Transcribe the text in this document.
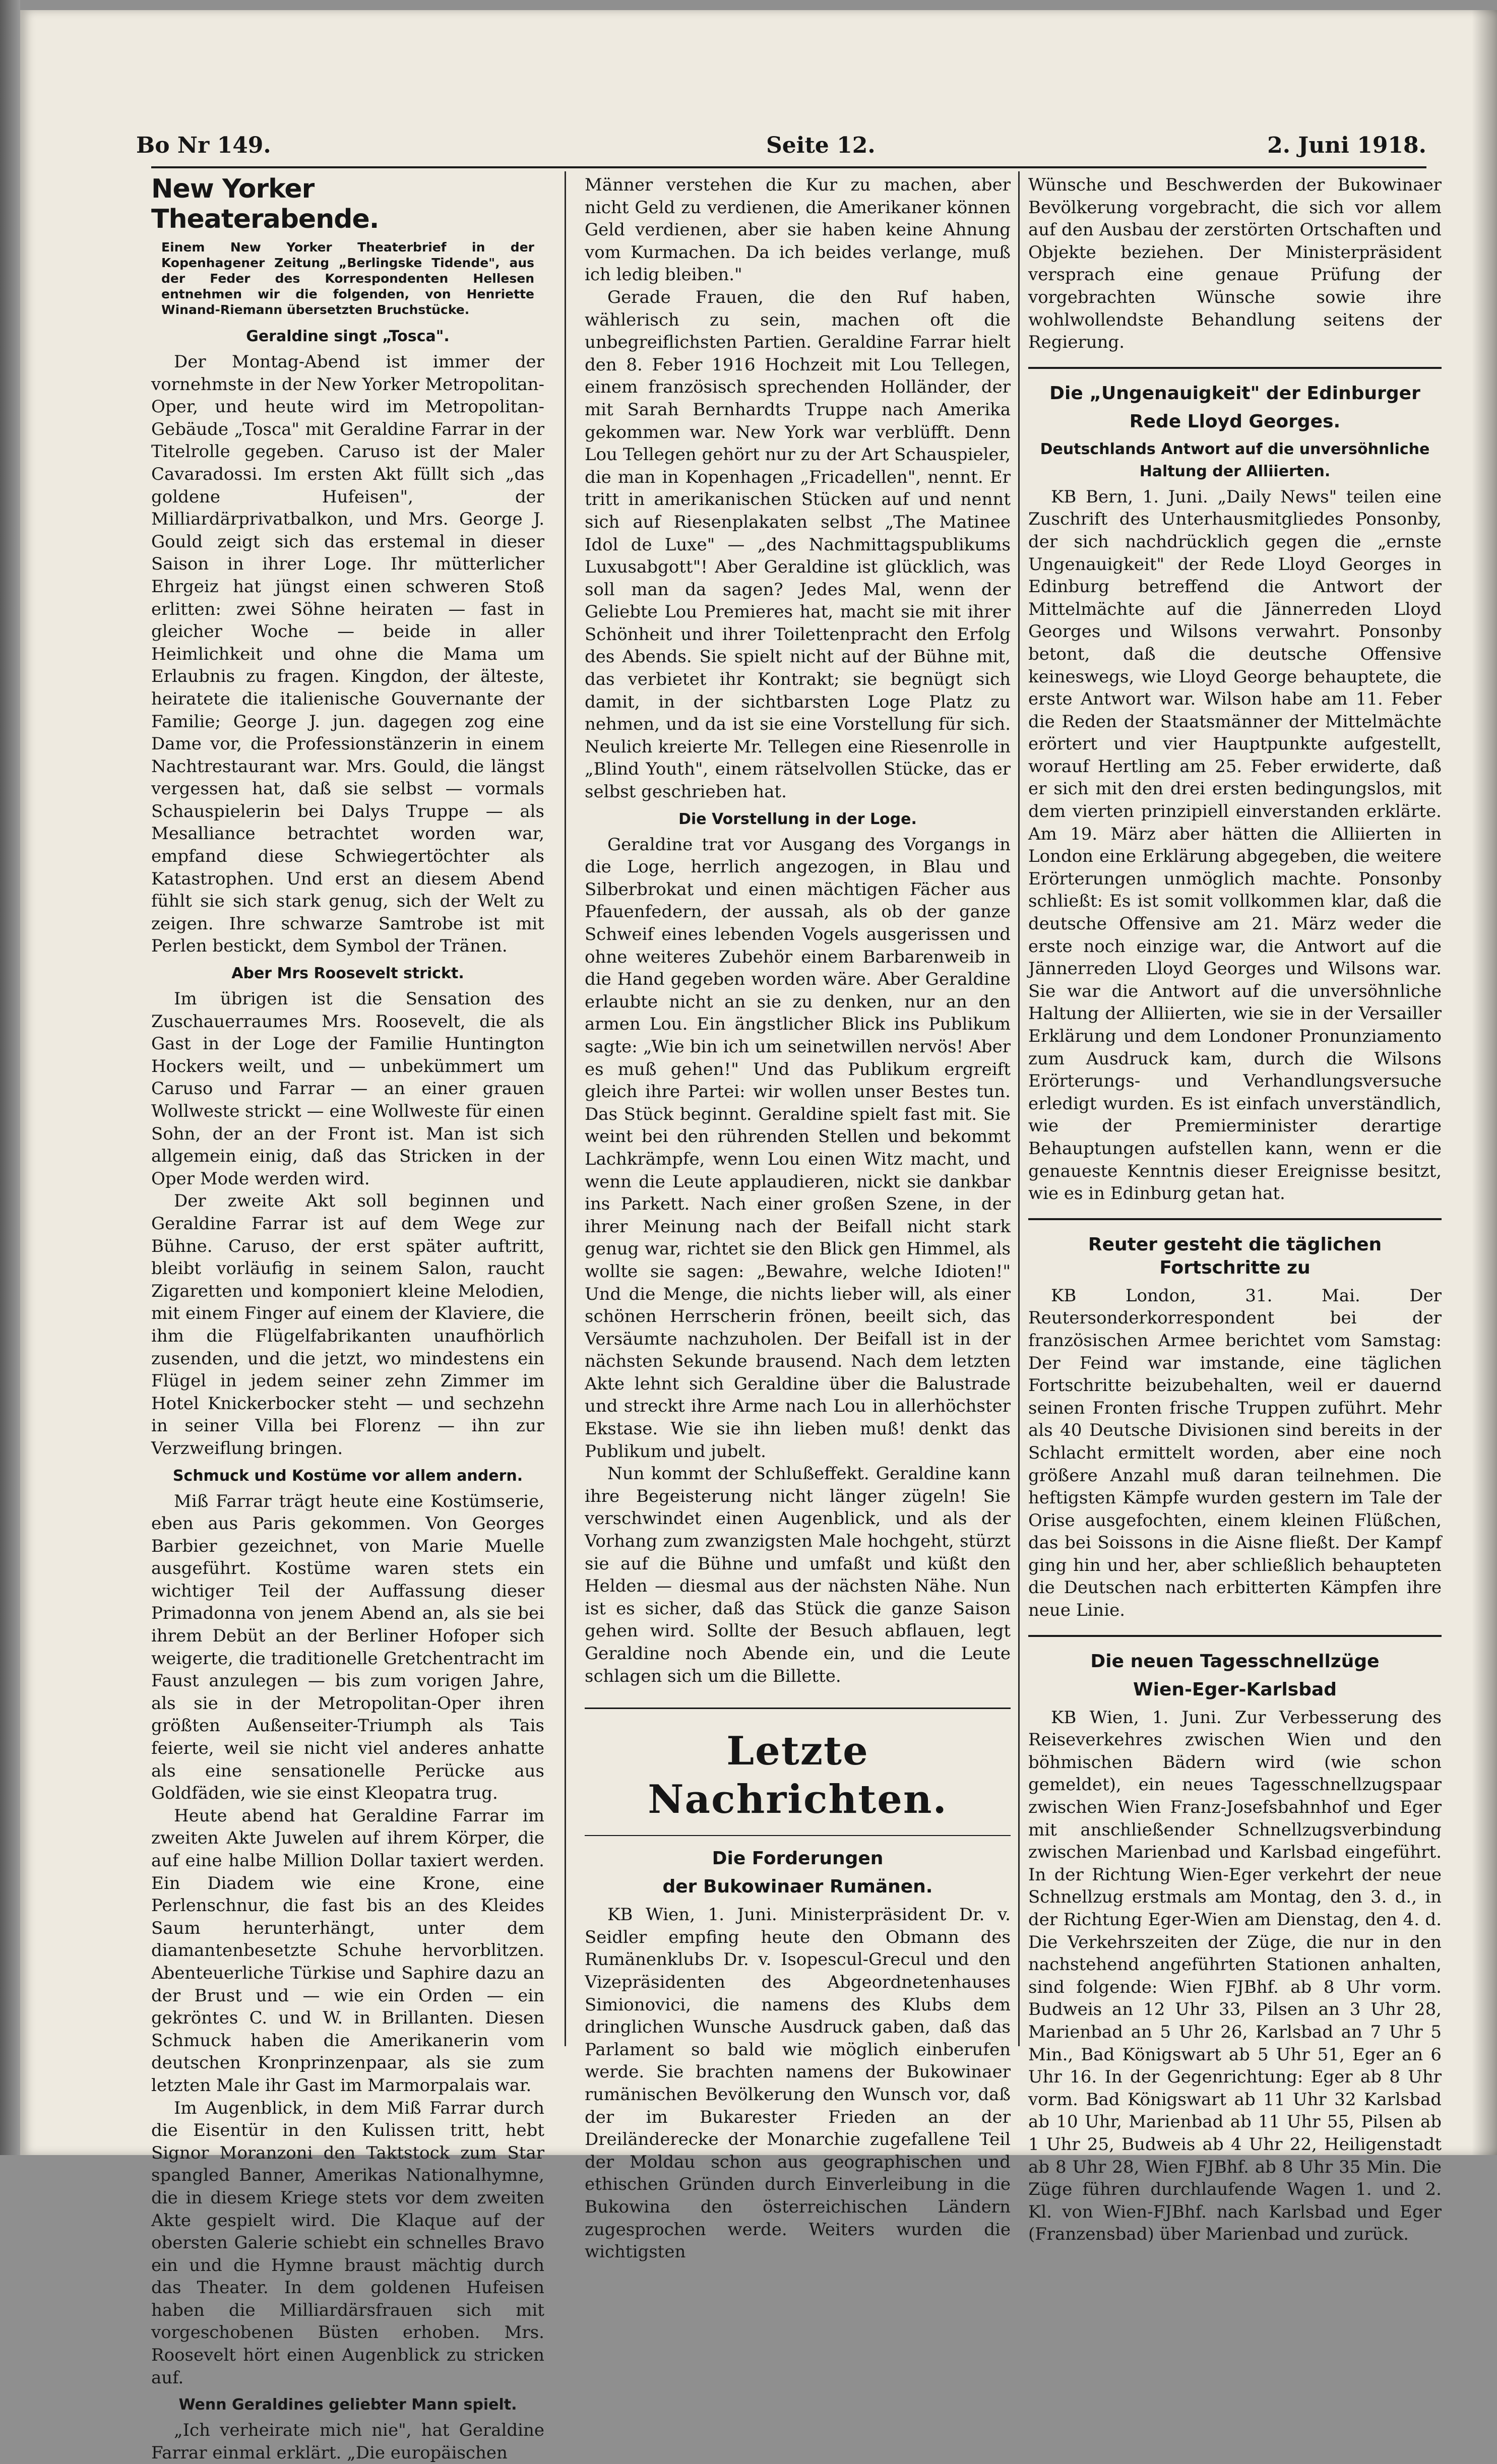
Bo Nr 149.	Seite 12.	2. Juni 1918.
New Yorker Theaterabende.
Einem New Yorker Theaterbrief in der Kopenhagener Zeitung „Berlingske Tidende", aus der Feder des Korrespondenten Hellesen entnehmen wir die folgenden, von Henriette Winand-Riemann übersetzten Bruchstücke.
Geraldine singt „Tosca".

Der Montag-Abend ist immer der vornehmste in der New Yorker Metropolitan-Oper, und heute wird im Metropolitan-Gebäude „Tosca" mit Geraldine Farrar in der Titelrolle gegeben. Caruso ist der Maler Cavaradossi. Im ersten Akt füllt sich „das goldene Hufeisen", der Milliardärprivatbalkon, und Mrs. George J. Gould zeigt sich das erstemal in dieser Saison in ihrer Loge. Ihr mütterlicher Ehrgeiz hat jüngst einen schweren Stoß erlitten: zwei Söhne heiraten — fast in gleicher Woche — beide in aller Heimlichkeit und ohne die Mama um Erlaubnis zu fragen. Kingdon, der älteste, heiratete die italienische Gouvernante der Familie; George J. jun. dagegen zog eine Dame vor, die Professionstänzerin in einem Nachtrestaurant war. Mrs. Gould, die längst vergessen hat, daß sie selbst — vormals Schauspielerin bei Dalys Truppe — als Mesalliance betrachtet worden war, empfand diese Schwiegertöchter als Katastrophen. Und erst an diesem Abend fühlt sie sich stark genug, sich der Welt zu zeigen. Ihre schwarze Samtrobe ist mit Perlen bestickt, dem Symbol der Tränen.

Aber Mrs Roosevelt strickt.

Im übrigen ist die Sensation des Zuschauerraumes Mrs. Roosevelt, die als Gast in der Loge der Familie Huntington Hockers weilt, und — unbekümmert um Caruso und Farrar — an einer grauen Wollweste strickt — eine Wollweste für einen Sohn, der an der Front ist. Man ist sich allgemein einig, daß das Stricken in der Oper Mode werden wird.

Der zweite Akt soll beginnen und Geraldine Farrar ist auf dem Wege zur Bühne. Caruso, der erst später auftritt, bleibt vorläufig in seinem Salon, raucht Zigaretten und komponiert kleine Melodien, mit einem Finger auf einem der Klaviere, die ihm die Flügelfabrikanten unaufhörlich zusenden, und die jetzt, wo mindestens ein Flügel in jedem seiner zehn Zimmer im Hotel Knickerbocker steht — und sechzehn in seiner Villa bei Florenz — ihn zur Verzweiflung bringen.

Schmuck und Kostüme vor allem andern.

Miß Farrar trägt heute eine Kostümserie, eben aus Paris gekommen. Von Georges Barbier gezeichnet, von Marie Muelle ausgeführt. Kostüme waren stets ein wichtiger Teil der Auffassung dieser Primadonna von jenem Abend an, als sie bei ihrem Debüt an der Berliner Hofoper sich weigerte, die traditionelle Gretchentracht im Faust anzulegen — bis zum vorigen Jahre, als sie in der Metropolitan-Oper ihren größten Außenseiter-Triumph als Tais feierte, weil sie nicht viel anderes anhatte als eine sensationelle Perücke aus Goldfäden, wie sie einst Kleopatra trug.

Heute abend hat Geraldine Farrar im zweiten Akte Juwelen auf ihrem Körper, die auf eine halbe Million Dollar taxiert werden. Ein Diadem wie eine Krone, eine Perlenschnur, die fast bis an des Kleides Saum herunterhängt, unter dem diamantenbesetzte Schuhe hervorblitzen. Abenteuerliche Türkise und Saphire dazu an der Brust und — wie ein Orden — ein gekröntes C. und W. in Brillanten. Diesen Schmuck haben die Amerikanerin vom deutschen Kronprinzenpaar, als sie zum letzten Male ihr Gast im Marmorpalais war.

Im Augenblick, in dem Miß Farrar durch die Eisentür in den Kulissen tritt, hebt Signor Moranzoni den Taktstock zum Star spangled Banner, Amerikas Nationalhymne, die in diesem Kriege stets vor dem zweiten Akte gespielt wird. Die Klaque auf der obersten Galerie schiebt ein schnelles Bravo ein und die Hymne braust mächtig durch das Theater. In dem goldenen Hufeisen haben die Milliardärsfrauen sich mit vorgeschobenen Büsten erhoben. Mrs. Roosevelt hört einen Augenblick zu stricken auf.

Wenn Geraldines geliebter Mann spielt.

„Ich verheirate mich nie", hat Geraldine Farrar einmal erklärt. „Die europäischen

Männer verstehen die Kur zu machen, aber nicht Geld zu verdienen, die Amerikaner können Geld verdienen, aber sie haben keine Ahnung vom Kurmachen. Da ich beides verlange, muß ich ledig bleiben."

Gerade Frauen, die den Ruf haben, wählerisch zu sein, machen oft die unbegreiflichsten Partien. Geraldine Farrar hielt den 8. Feber 1916 Hochzeit mit Lou Tellegen, einem französisch sprechenden Holländer, der mit Sarah Bernhardts Truppe nach Amerika gekommen war. New York war verblüfft. Denn Lou Tellegen gehört nur zu der Art Schauspieler, die man in Kopenhagen „Fricadellen", nennt. Er tritt in amerikanischen Stücken auf und nennt sich auf Riesenplakaten selbst „The Matinee Idol de Luxe" — „des Nachmittagspublikums Luxusabgott"! Aber Geraldine ist glücklich, was soll man da sagen? Jedes Mal, wenn der Geliebte Lou Premieres hat, macht sie mit ihrer Schönheit und ihrer Toilettenpracht den Erfolg des Abends. Sie spielt nicht auf der Bühne mit, das verbietet ihr Kontrakt; sie begnügt sich damit, in der sichtbarsten Loge Platz zu nehmen, und da ist sie eine Vorstellung für sich. Neulich kreierte Mr. Tellegen eine Riesenrolle in „Blind Youth", einem rätselvollen Stücke, das er selbst geschrieben hat.

Die Vorstellung in der Loge.

Geraldine trat vor Ausgang des Vorgangs in die Loge, herrlich angezogen, in Blau und Silberbrokat und einen mächtigen Fächer aus Pfauenfedern, der aussah, als ob der ganze Schweif eines lebenden Vogels ausgerissen und ohne weiteres Zubehör einem Barbarenweib in die Hand gegeben worden wäre. Aber Geraldine erlaubte nicht an sie zu denken, nur an den armen Lou. Ein ängstlicher Blick ins Publikum sagte: „Wie bin ich um seinetwillen nervös! Aber es muß gehen!" Und das Publikum ergreift gleich ihre Partei: wir wollen unser Bestes tun. Das Stück beginnt. Geraldine spielt fast mit. Sie weint bei den rührenden Stellen und bekommt Lachkrämpfe, wenn Lou einen Witz macht, und wenn die Leute applaudieren, nickt sie dankbar ins Parkett. Nach einer großen Szene, in der ihrer Meinung nach der Beifall nicht stark genug war, richtet sie den Blick gen Himmel, als wollte sie sagen: „Bewahre, welche Idioten!" Und die Menge, die nichts lieber will, als einer schönen Herrscherin frönen, beeilt sich, das Versäumte nachzuholen. Der Beifall ist in der nächsten Sekunde brausend. Nach dem letzten Akte lehnt sich Geraldine über die Balustrade und streckt ihre Arme nach Lou in allerhöchster Ekstase. Wie sie ihn lieben muß! denkt das Publikum und jubelt.

Nun kommt der Schlußeffekt. Geraldine kann ihre Begeisterung nicht länger zügeln! Sie verschwindet einen Augenblick, und als der Vorhang zum zwanzigsten Male hochgeht, stürzt sie auf die Bühne und umfaßt und küßt den Helden — diesmal aus der nächsten Nähe. Nun ist es sicher, daß das Stück die ganze Saison gehen wird. Sollte der Besuch abflauen, legt Geraldine noch Abende ein, und die Leute schlagen sich um die Billette.

Letzte Nachrichten.
Die Forderungen
der Bukowinaer Rumänen.

KB Wien, 1. Juni. Ministerpräsident Dr. v. Seidler empfing heute den Obmann des Rumänenklubs Dr. v. Isopescul-Grecul und den Vizepräsidenten des Abgeordnetenhauses Simionovici, die namens des Klubs dem dringlichen Wunsche Ausdruck gaben, daß das Parlament so bald wie möglich einberufen werde. Sie brachten namens der Bukowinaer rumänischen Bevölkerung den Wunsch vor, daß der im Bukarester Frieden an der Dreiländerecke der Monarchie zugefallene Teil der Moldau schon aus geographischen und ethischen Gründen durch Einverleibung in die Bukowina den österreichischen Ländern zugesprochen werde. Weiters wurden die wichtigsten

Wünsche und Beschwerden der Bukowinaer Bevölkerung vorgebracht, die sich vor allem auf den Ausbau der zerstörten Ortschaften und Objekte beziehen. Der Ministerpräsident versprach eine genaue Prüfung der vorgebrachten Wünsche sowie ihre wohlwollendste Behandlung seitens der Regierung.

Die „Ungenauigkeit" der Edinburger
Rede Lloyd Georges.
Deutschlands Antwort auf die unversöhnliche Haltung der Alliierten.

KB Bern, 1. Juni. „Daily News" teilen eine Zuschrift des Unterhausmitgliedes Ponsonby, der sich nachdrücklich gegen die „ernste Ungenauigkeit" der Rede Lloyd Georges in Edinburg betreffend die Antwort der Mittelmächte auf die Jännerreden Lloyd Georges und Wilsons verwahrt. Ponsonby betont, daß die deutsche Offensive keineswegs, wie Lloyd George behauptete, die erste Antwort war. Wilson habe am 11. Feber die Reden der Staatsmänner der Mittelmächte erörtert und vier Hauptpunkte aufgestellt, worauf Hertling am 25. Feber erwiderte, daß er sich mit den drei ersten bedingungslos, mit dem vierten prinzipiell einverstanden erklärte. Am 19. März aber hätten die Alliierten in London eine Erklärung abgegeben, die weitere Erörterungen unmöglich machte. Ponsonby schließt: Es ist somit vollkommen klar, daß die deutsche Offensive am 21. März weder die erste noch einzige war, die Antwort auf die Jännerreden Lloyd Georges und Wilsons war. Sie war die Antwort auf die unversöhnliche Haltung der Alliierten, wie sie in der Versailler Erklärung und dem Londoner Pronunziamento zum Ausdruck kam, durch die Wilsons Erörterungs- und Verhandlungsversuche erledigt wurden. Es ist einfach unverständlich, wie der Premierminister derartige Behauptungen aufstellen kann, wenn er die genaueste Kenntnis dieser Ereignisse besitzt, wie es in Edinburg getan hat.

Reuter gesteht die täglichen Fortschritte zu

KB London, 31. Mai. Der Reutersonderkorrespondent bei der französischen Armee berichtet vom Samstag: Der Feind war imstande, eine täglichen Fortschritte beizubehalten, weil er dauernd seinen Fronten frische Truppen zuführt. Mehr als 40 Deutsche Divisionen sind bereits in der Schlacht ermittelt worden, aber eine noch größere Anzahl muß daran teilnehmen. Die heftigsten Kämpfe wurden gestern im Tale der Orise ausgefochten, einem kleinen Flüßchen, das bei Soissons in die Aisne fließt. Der Kampf ging hin und her, aber schließlich behaupteten die Deutschen nach erbitterten Kämpfen ihre neue Linie.

Die neuen Tagesschnellzüge
Wien-Eger-Karlsbad

KB Wien, 1. Juni. Zur Verbesserung des Reiseverkehres zwischen Wien und den böhmischen Bädern wird (wie schon gemeldet), ein neues Tagesschnellzugspaar zwischen Wien Franz-Josefsbahnhof und Eger mit anschließender Schnellzugsverbindung zwischen Marienbad und Karlsbad eingeführt. In der Richtung Wien-Eger verkehrt der neue Schnellzug erstmals am Montag, den 3. d., in der Richtung Eger-Wien am Dienstag, den 4. d. Die Verkehrszeiten der Züge, die nur in den nachstehend angeführten Stationen anhalten, sind folgende: Wien FJBhf. ab 8 Uhr vorm. Budweis an 12 Uhr 33, Pilsen an 3 Uhr 28, Marienbad an 5 Uhr 26, Karlsbad an 7 Uhr 5 Min., Bad Königswart ab 5 Uhr 51, Eger an 6 Uhr 16. In der Gegenrichtung: Eger ab 8 Uhr vorm. Bad Königswart ab 11 Uhr 32 Karlsbad ab 10 Uhr, Marienbad ab 11 Uhr 55, Pilsen ab 1 Uhr 25, Budweis ab 4 Uhr 22, Heiligenstadt ab 8 Uhr 28, Wien FJBhf. ab 8 Uhr 35 Min. Die Züge führen durchlaufende Wagen 1. und 2. Kl. von Wien-FJBhf. nach Karlsbad und Eger (Franzensbad) über Marienbad und zurück.
